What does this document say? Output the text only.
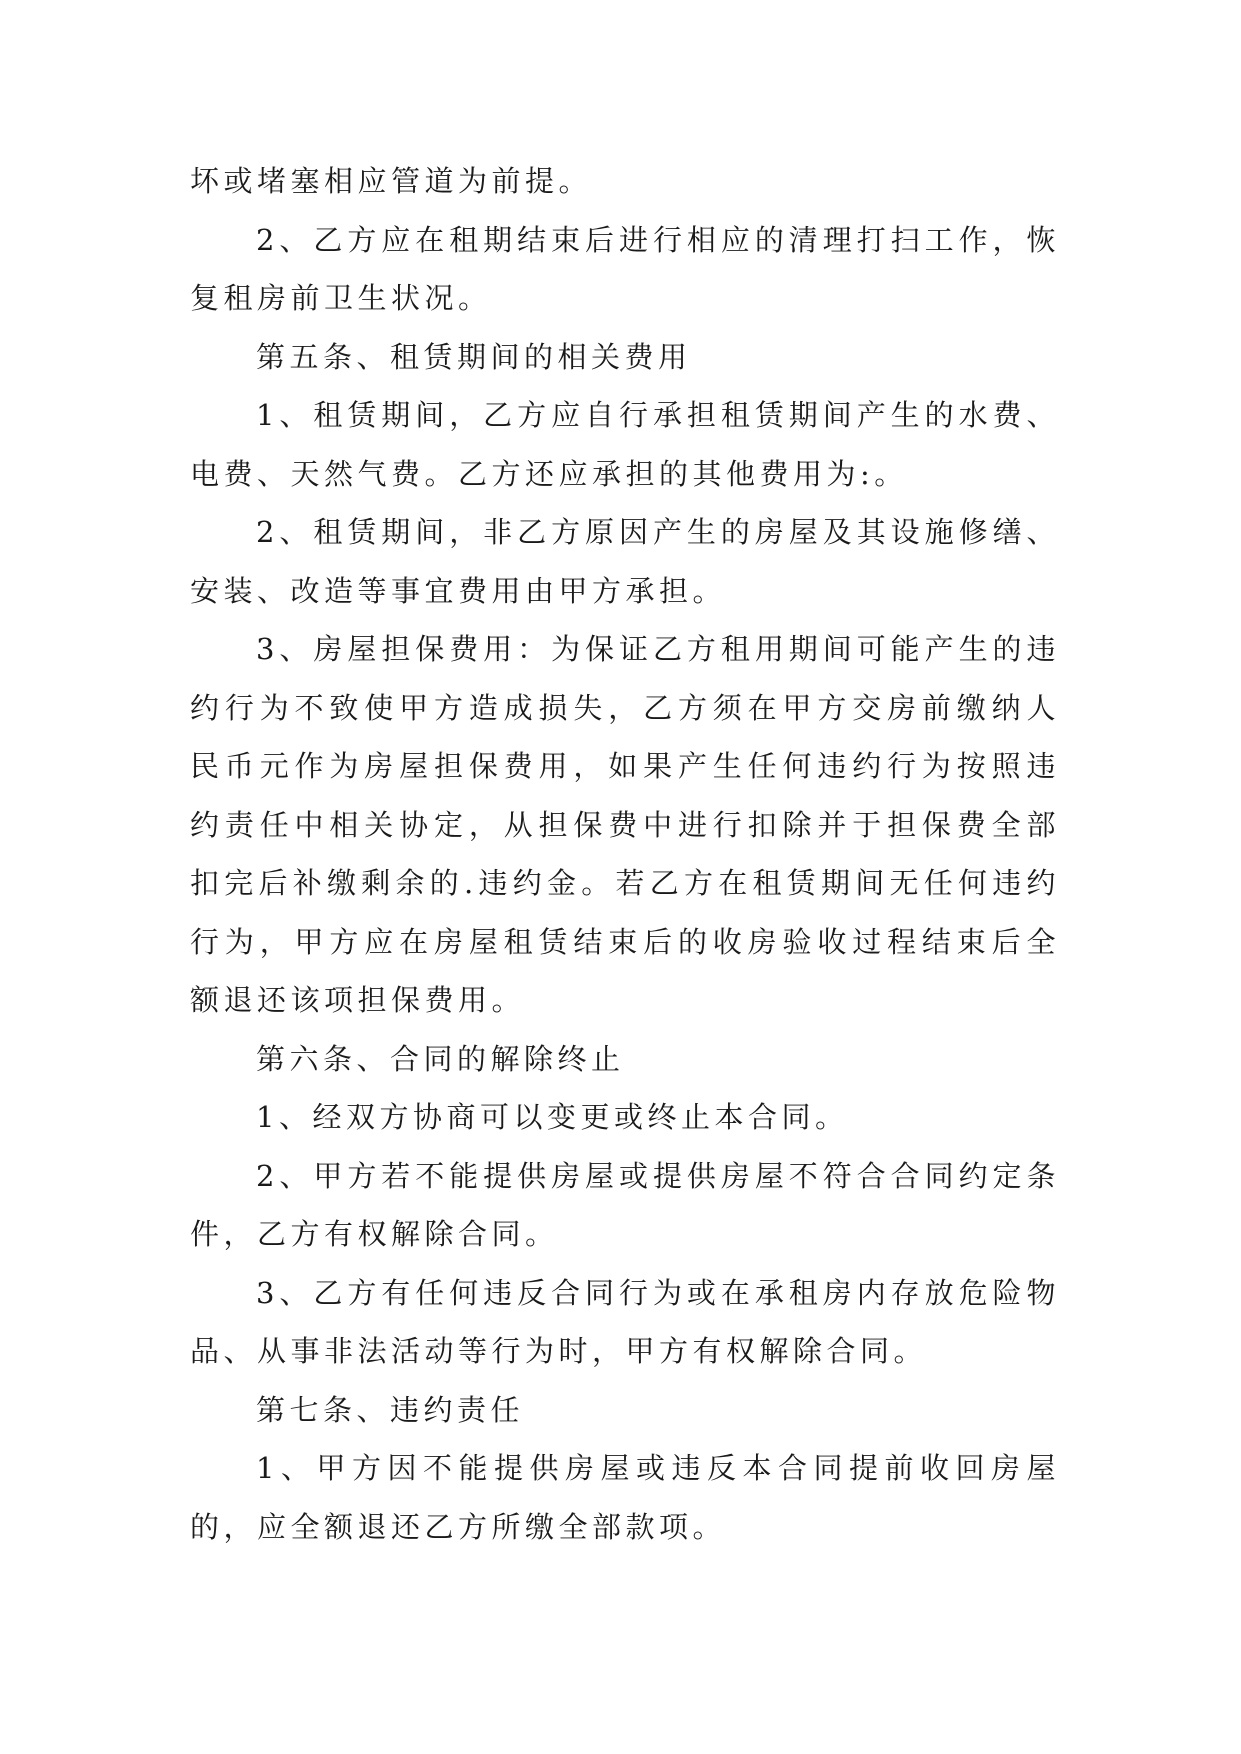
坏或堵塞相应管道为前提。

2、乙方应在租期结束后进行相应的清理打扫工作，恢复租房前卫生状况。

第五条、租赁期间的相关费用

1、租赁期间，乙方应自行承担租赁期间产生的水费、电费、天然气费。乙方还应承担的其他费用为:。

2、租赁期间，非乙方原因产生的房屋及其设施修缮、安装、改造等事宜费用由甲方承担。

3、房屋担保费用：为保证乙方租用期间可能产生的违约行为不致使甲方造成损失，乙方须在甲方交房前缴纳人民币元作为房屋担保费用，如果产生任何违约行为按照违约责任中相关协定，从担保费中进行扣除并于担保费全部扣完后补缴剩余的.违约金。若乙方在租赁期间无任何违约行为，甲方应在房屋租赁结束后的收房验收过程结束后全额退还该项担保费用。

第六条、合同的解除终止

1、经双方协商可以变更或终止本合同。

2、甲方若不能提供房屋或提供房屋不符合合同约定条件，乙方有权解除合同。

3、乙方有任何违反合同行为或在承租房内存放危险物品、从事非法活动等行为时，甲方有权解除合同。

第七条、违约责任

1、甲方因不能提供房屋或违反本合同提前收回房屋的，应全额退还乙方所缴全部款项。
